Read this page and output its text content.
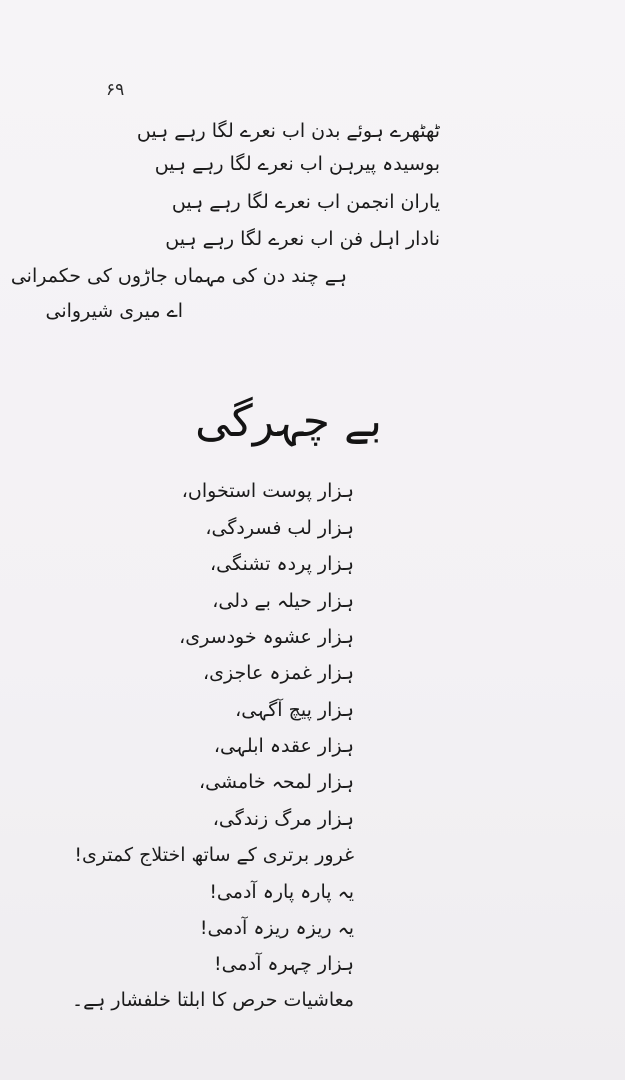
۶۹
ٹھٹھرے ہوئے بدن اب نعرے لگا رہے ہیں
بوسیدہ پیرہن اب نعرے لگا رہے ہیں
یاران انجمن اب نعرے لگا رہے ہیں
نادار اہل فن اب نعرے لگا رہے ہیں
ہے چند دن کی مہماں جاڑوں کی حکمرانی
اے میری شیروانی
بے چہرگی
ہزار پوست استخواں،
ہزار لب فسردگی،
ہزار پردہ تشنگی،
ہزار حیلہ بے دلی،
ہزار عشوہ خودسری،
ہزار غمزہ عاجزی،
ہزار پیچ آگہی،
ہزار عقدہ ابلہی،
ہزار لمحہ خامشی،
ہزار مرگ زندگی،
غرور برتری کے ساتھ اختلاج کمتری!
یہ پارہ پارہ آدمی!
یہ ریزہ ریزہ آدمی!
ہزار چہرہ آدمی!
معاشیات حرص کا ابلتا خلفشار ہے۔
